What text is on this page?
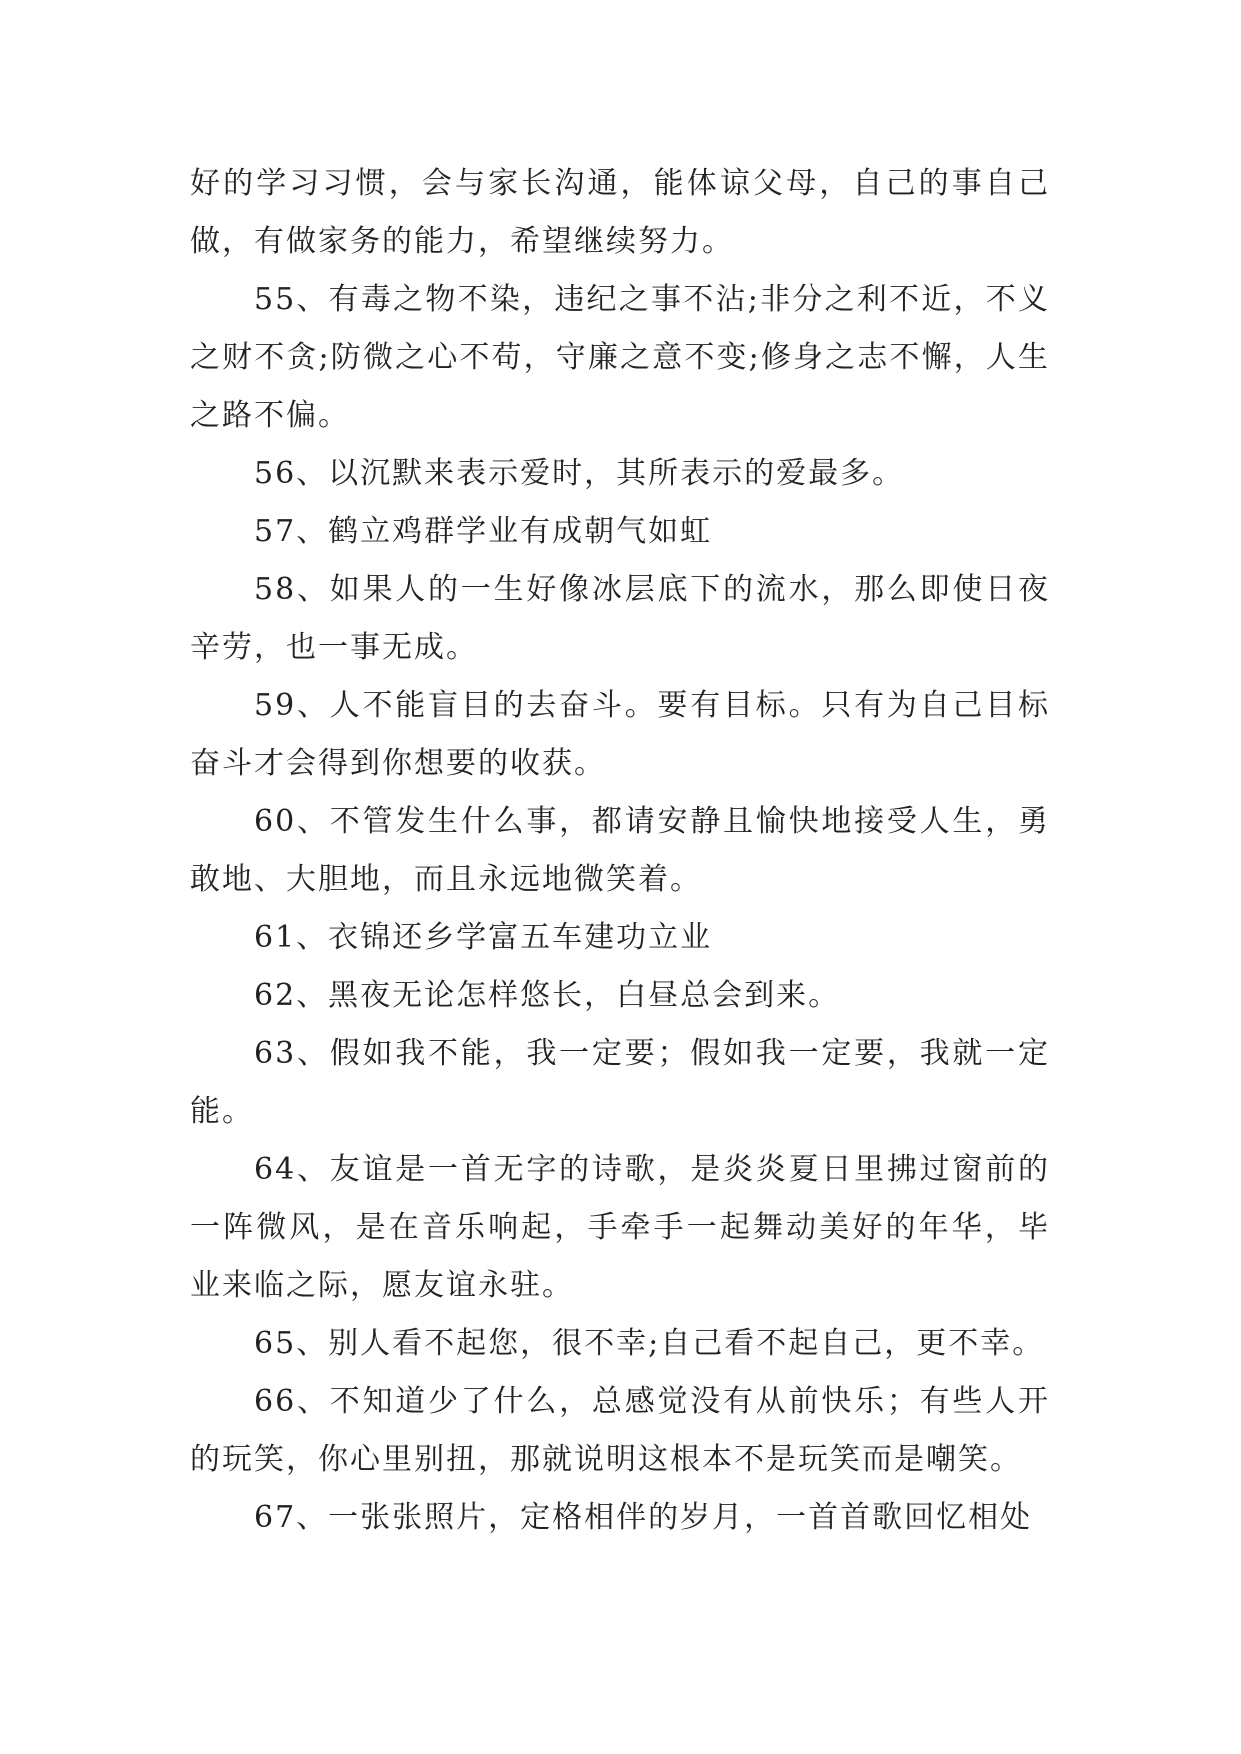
好的学习习惯，会与家长沟通，能体谅父母，自己的事自己做，有做家务的能力，希望继续努力。

55、有毒之物不染，违纪之事不沾;非分之利不近，不义之财不贪;防微之心不苟，守廉之意不变;修身之志不懈，人生之路不偏。

56、以沉默来表示爱时，其所表示的爱最多。

57、鹤立鸡群学业有成朝气如虹

58、如果人的一生好像冰层底下的流水，那么即使日夜辛劳，也一事无成。

59、人不能盲目的去奋斗。要有目标。只有为自己目标奋斗才会得到你想要的收获。

60、不管发生什么事，都请安静且愉快地接受人生，勇敢地、大胆地，而且永远地微笑着。

61、衣锦还乡学富五车建功立业

62、黑夜无论怎样悠长，白昼总会到来。

63、假如我不能，我一定要；假如我一定要，我就一定能。

64、友谊是一首无字的诗歌，是炎炎夏日里拂过窗前的一阵微风，是在音乐响起，手牵手一起舞动美好的年华，毕业来临之际，愿友谊永驻。

65、别人看不起您，很不幸;自己看不起自己，更不幸。

66、不知道少了什么，总感觉没有从前快乐；有些人开的玩笑，你心里别扭，那就说明这根本不是玩笑而是嘲笑。

67、一张张照片，定格相伴的岁月，一首首歌回忆相处
